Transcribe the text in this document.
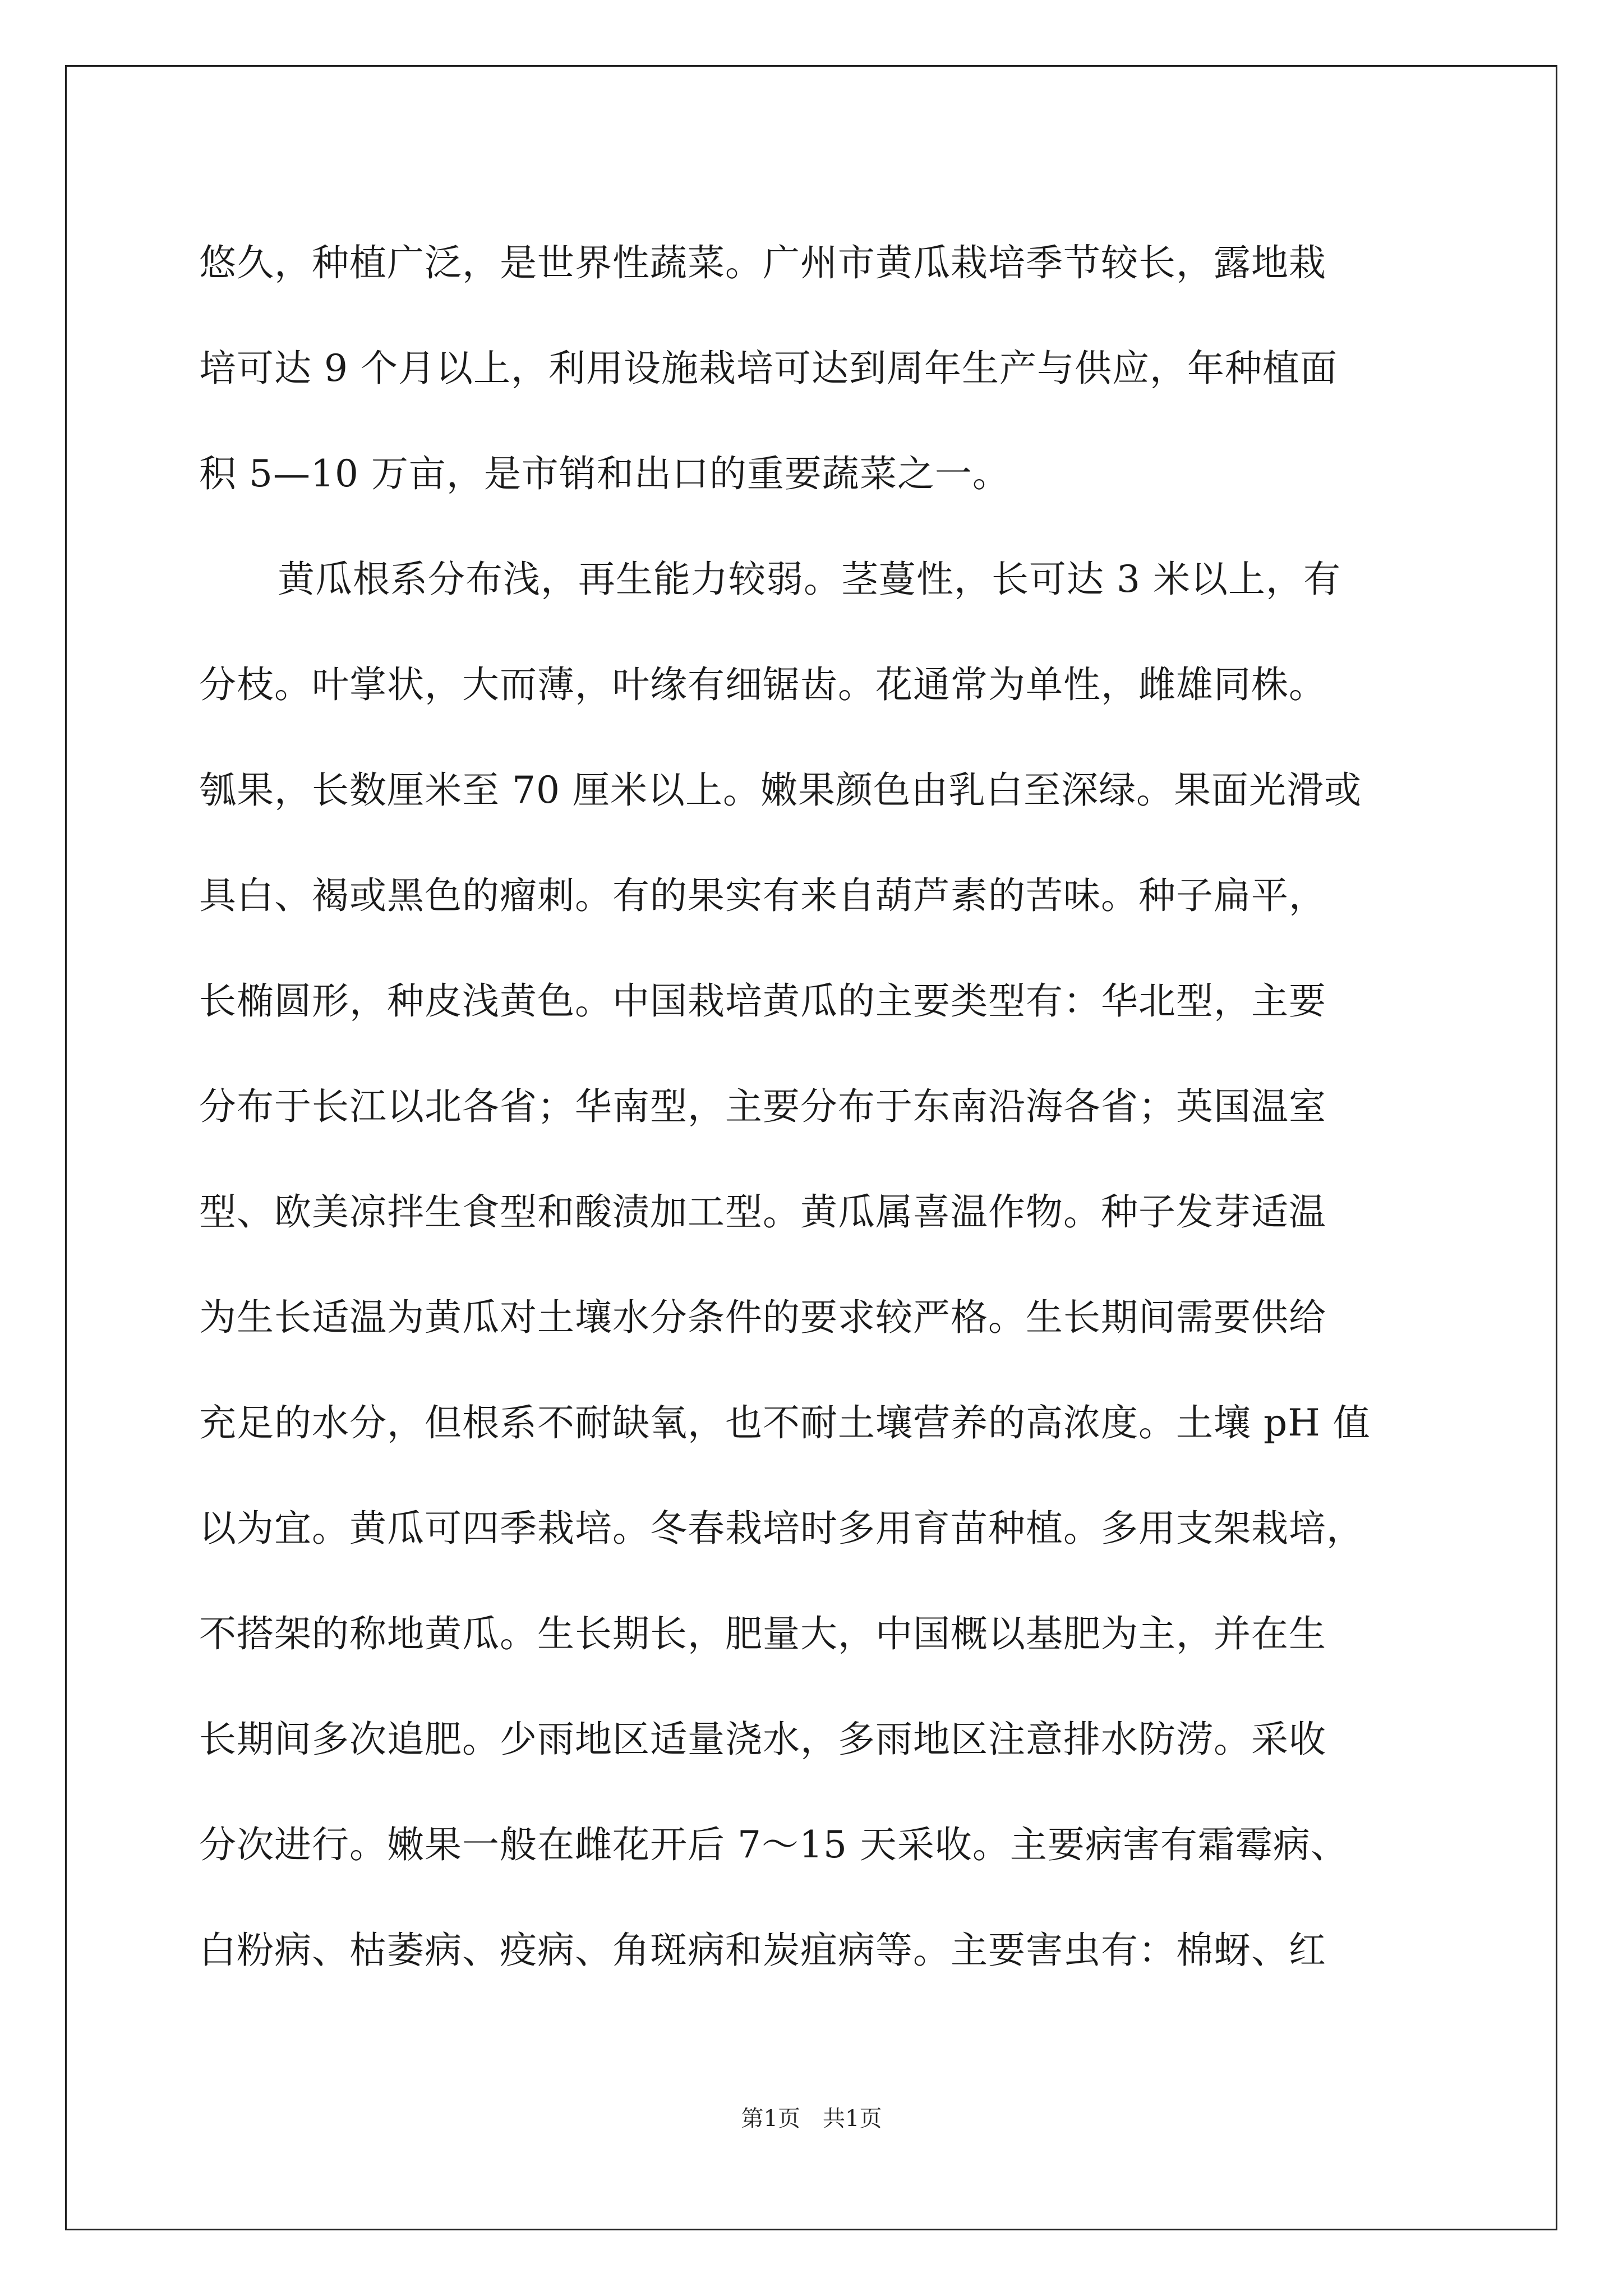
悠久，种植广泛，是世界性蔬菜。广州市黄瓜栽培季节较长，露地栽
培可达 9 个月以上，利用设施栽培可达到周年生产与供应，年种植面
积 5—10 万亩，是市销和出口的重要蔬菜之一。
黄瓜根系分布浅，再生能力较弱。茎蔓性，长可达 3 米以上，有
分枝。叶掌状，大而薄，叶缘有细锯齿。花通常为单性，雌雄同株。
瓠果，长数厘米至 70 厘米以上。嫩果颜色由乳白至深绿。果面光滑或
具白、褐或黑色的瘤刺。有的果实有来自葫芦素的苦味。种子扁平，
长椭圆形，种皮浅黄色。中国栽培黄瓜的主要类型有：华北型，主要
分布于长江以北各省；华南型，主要分布于东南沿海各省；英国温室
型、欧美凉拌生食型和酸渍加工型。黄瓜属喜温作物。种子发芽适温
为生长适温为黄瓜对土壤水分条件的要求较严格。生长期间需要供给
充足的水分，但根系不耐缺氧，也不耐土壤营养的高浓度。土壤 pH 值
以为宜。黄瓜可四季栽培。冬春栽培时多用育苗种植。多用支架栽培，
不搭架的称地黄瓜。生长期长，肥量大，中国概以基肥为主，并在生
长期间多次追肥。少雨地区适量浇水，多雨地区注意排水防涝。采收
分次进行。嫩果一般在雌花开后 7～15 天采收。主要病害有霜霉病、
白粉病、枯萎病、疫病、角斑病和炭疽病等。主要害虫有：棉蚜、红
第1页　共1页
